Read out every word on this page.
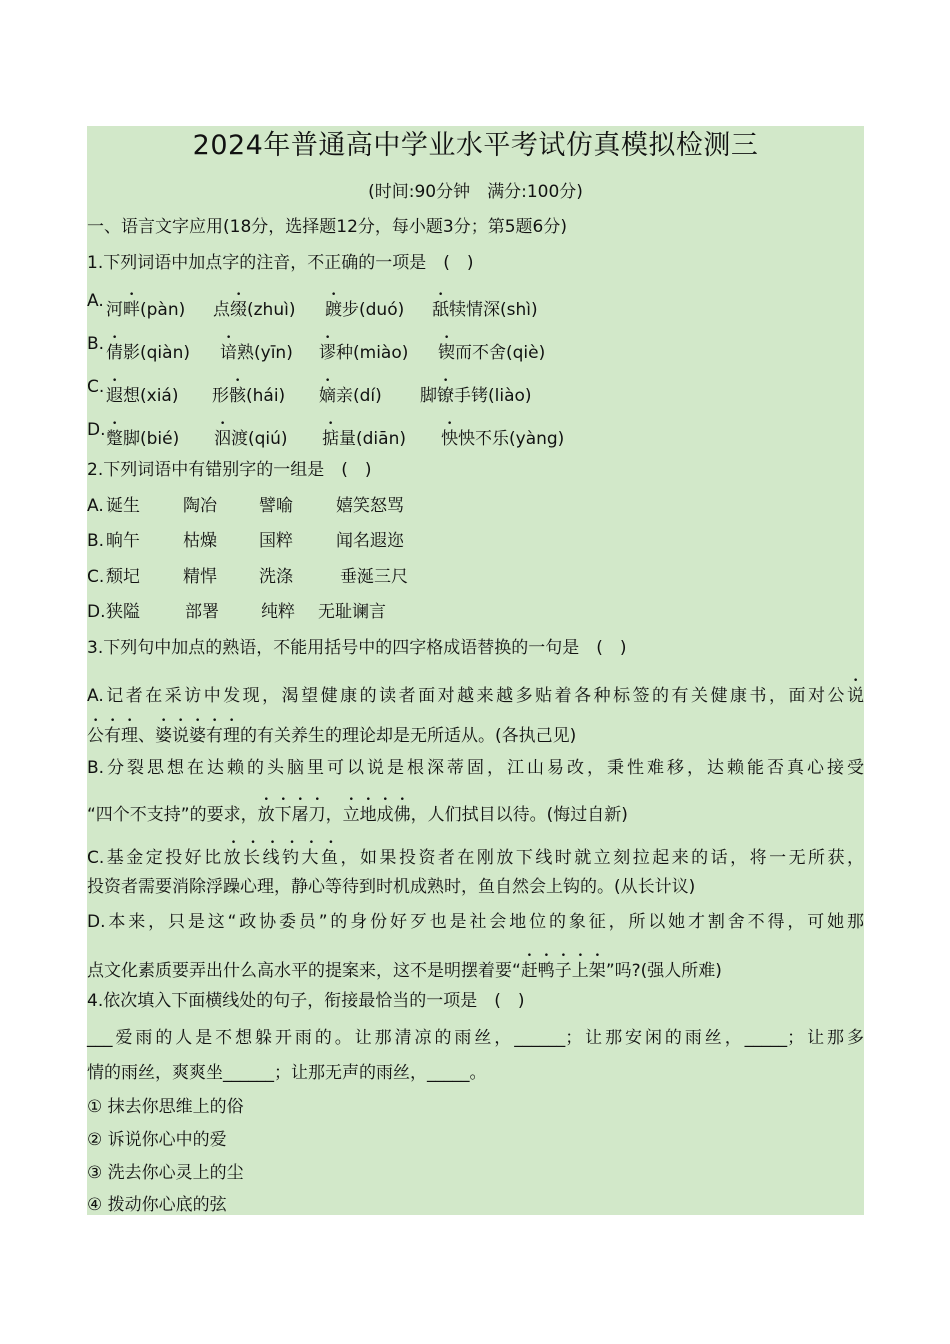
2024年普通高中学业水平考试仿真模拟检测三
(时间:90分钟　满分:100分)
一、语言文字应用(18分，选择题12分，每小题3分；第5题6分)
1.下列词语中加点字的注音，不正确的一项是　(　)
A. 河畔(pàn) 点缀(zhuì) 踱步(duó) 舐犊情深(shì)
B. 倩影(qiàn) 谙熟(yīn) 谬种(miào) 锲而不舍(qiè)
C. 遐想(xiá) 形骸(hái) 嫡亲(dí) 脚镣手铐(liào)
D. 蹩脚(bié) 泅渡(qiú) 掂量(diān) 怏怏不乐(yàng)
2.下列词语中有错别字的一组是　(　)
A. 诞生	陶冶 譬喻	嬉笑怒骂
B. 晌午	枯燥 国粹	闻名遐迩
C. 颓圮	精悍 洗涤	垂涎三尺
D. 狭隘	部署 纯粹 无耻谰言
3.下列句中加点的熟语，不能用括号中的四字格成语替换的一句是　(　)
A.记者在采访中发现，渴望健康的读者面对越来越多贴着各种标签的有关健康书，面对公说
公有理、婆说婆有理的有关养生的理论却是无所适从。(各执己见)
B.分裂思想在达赖的头脑里可以说是根深蒂固，江山易改，秉性难移，达赖能否真心接受
“四个不支持”的要求，放下屠刀，立地成佛，人们拭目以待。(悔过自新)
C.基金定投好比放长线钓大鱼，如果投资者在刚放下线时就立刻拉起来的话，将一无所获，
投资者需要消除浮躁心理，静心等待到时机成熟时，鱼自然会上钩的。(从长计议)
D.本来，只是这“政协委员”的身份好歹也是社会地位的象征，所以她才割舍不得，可她那
点文化素质要弄出什么高水平的提案来，这不是明摆着要“赶鸭子上架”吗?(强人所难)
4.依次填入下面横线处的句子，衔接最恰当的一项是　(　)
___爱雨的人是不想躲开雨的。让那清凉的雨丝，______；让那安闲的雨丝，_____；让那多
情的雨丝，爽爽坐______；让那无声的雨丝，_____。
① 抹去你思维上的俗
② 诉说你心中的爱
③ 洗去你心灵上的尘
④ 拨动你心底的弦
